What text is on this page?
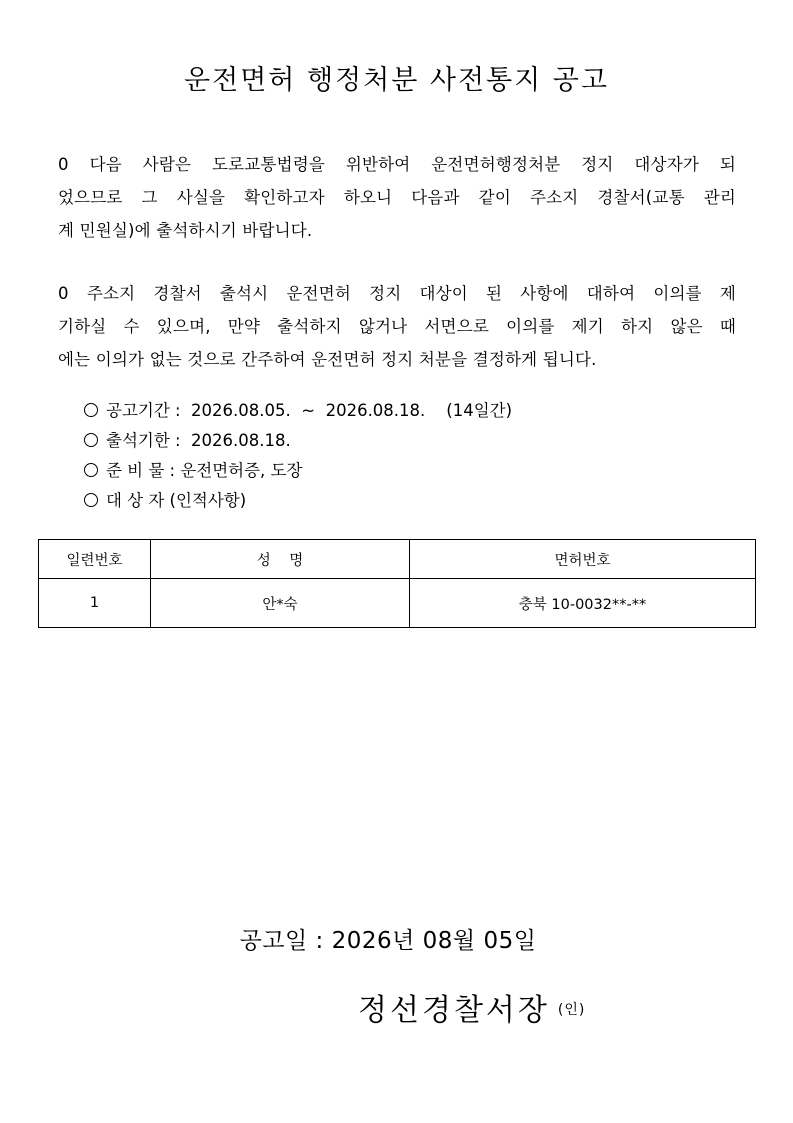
운전면허 행정처분 사전통지 공고
0 다음 사람은 도로교통법령을 위반하여 운전면허행정처분 정지 대상자가 되
었으므로 그 사실을 확인하고자 하오니 다음과 같이 주소지 경찰서(교통 관리
계 민원실)에 출석하시기 바랍니다.
0 주소지 경찰서 출석시 운전면허 정지 대상이 된 사항에 대하여 이의를 제
기하실 수 있으며, 만약 출석하지 않거나 서면으로 이의를 제기 하지 않은 때
에는 이의가 없는 것으로 간주하여 운전면허 정지 처분을 결정하게 됩니다.
공고기간 :  2026.08.05.  ~  2026.08.18.    (14일간)
출석기한 :  2026.08.18.
준 비 물 : 운전면허증, 도장
대 상 자 (인적사항)
일련번호	성    명	면허번호
1	안*숙	충북 10-0032**-**
공고일 : 2026년 08월 05일
정선경찰서장 $^{(인)}$
